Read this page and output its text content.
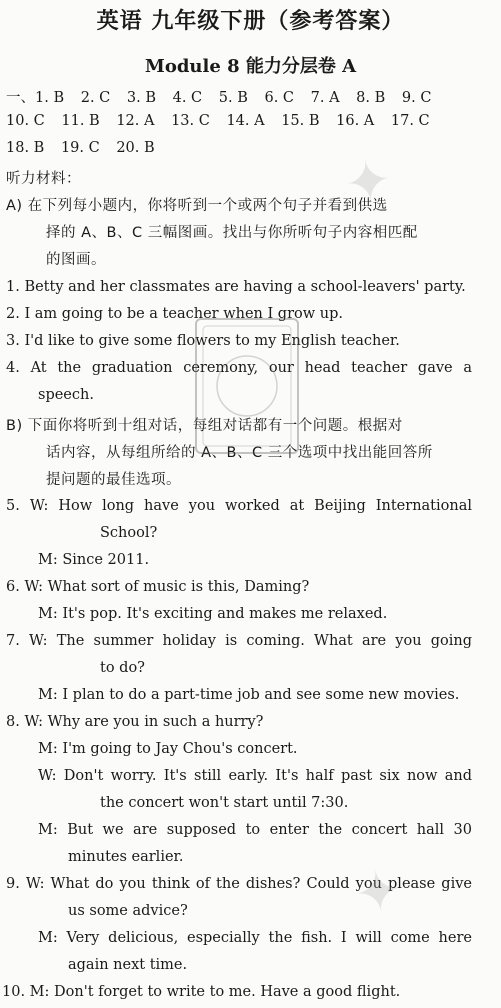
英语 九年级下册（参考答案）
Module 8 能力分层卷 A
一、1. B 2. C 3. B 4. C 5. B 6. C 7. A 8. B 9. C
10. C 11. B 12. A 13. C 14. A 15. B 16. A 17. C
18. B 19. C 20. B
听力材料：
A) 在下列每小题内，你将听到一个或两个句子并看到供选
择的 A、B、C 三幅图画。找出与你所听句子内容相匹配
的图画。
1. Betty and her classmates are having a school-leavers' party.
2. I am going to be a teacher when I grow up.
3. I'd like to give some flowers to my English teacher.
4. At the graduation ceremony, our head teacher gave a
speech.
B) 下面你将听到十组对话，每组对话都有一个问题。根据对
话内容，从每组所给的 A、B、C 三个选项中找出能回答所
提问题的最佳选项。
5. W: How long have you worked at Beijing International
School?
M: Since 2011.
6. W: What sort of music is this, Daming?
M: It's pop. It's exciting and makes me relaxed.
7. W: The summer holiday is coming. What are you going
to do?
M: I plan to do a part-time job and see some new movies.
8. W: Why are you in such a hurry?
M: I'm going to Jay Chou's concert.
W: Don't worry. It's still early. It's half past six now and
the concert won't start until 7:30.
M: But we are supposed to enter the concert hall 30
minutes earlier.
9. W: What do you think of the dishes? Could you please give
us some advice?
M: Very delicious, especially the fish. I will come here
again next time.
10. M: Don't forget to write to me. Have a good flight.
✦
✦
